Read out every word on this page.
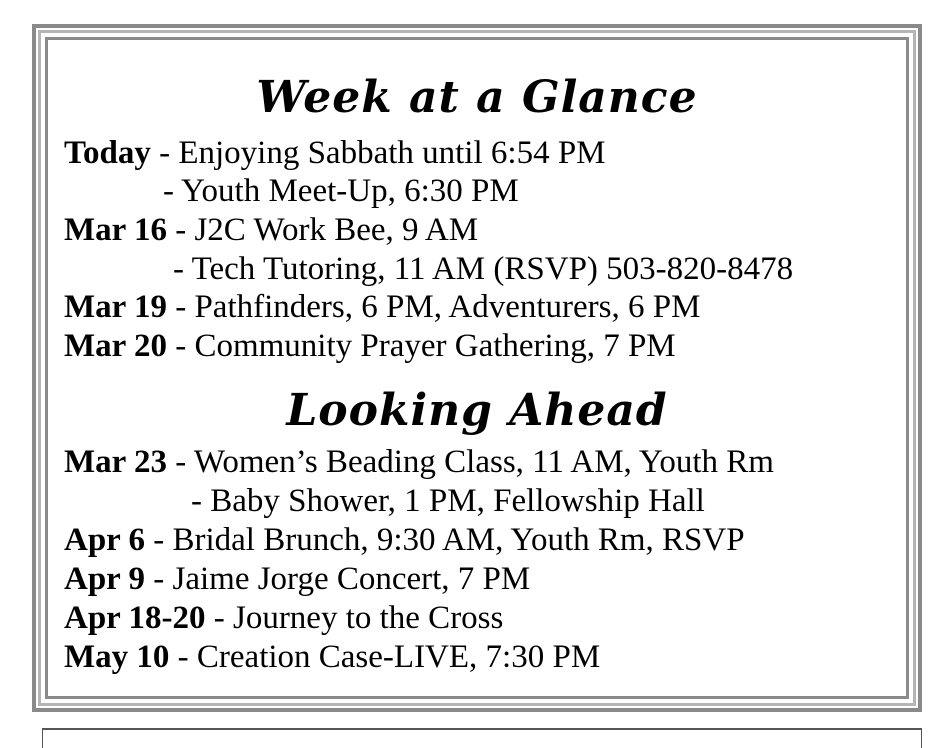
Week at a Glance
Today - Enjoying Sabbath until 6:54 PM
- Youth Meet-Up, 6:30 PM
Mar 16 - J2C Work Bee, 9 AM
- Tech Tutoring, 11 AM (RSVP) 503-820-8478
Mar 19 - Pathfinders, 6 PM, Adventurers, 6 PM
Mar 20 - Community Prayer Gathering, 7 PM
Looking Ahead
Mar 23 - Women’s Beading Class, 11 AM, Youth Rm
- Baby Shower, 1 PM, Fellowship Hall
Apr 6 - Bridal Brunch, 9:30 AM, Youth Rm, RSVP
Apr 9 - Jaime Jorge Concert, 7 PM
Apr 18-20 - Journey to the Cross
May 10 - Creation Case-LIVE, 7:30 PM
